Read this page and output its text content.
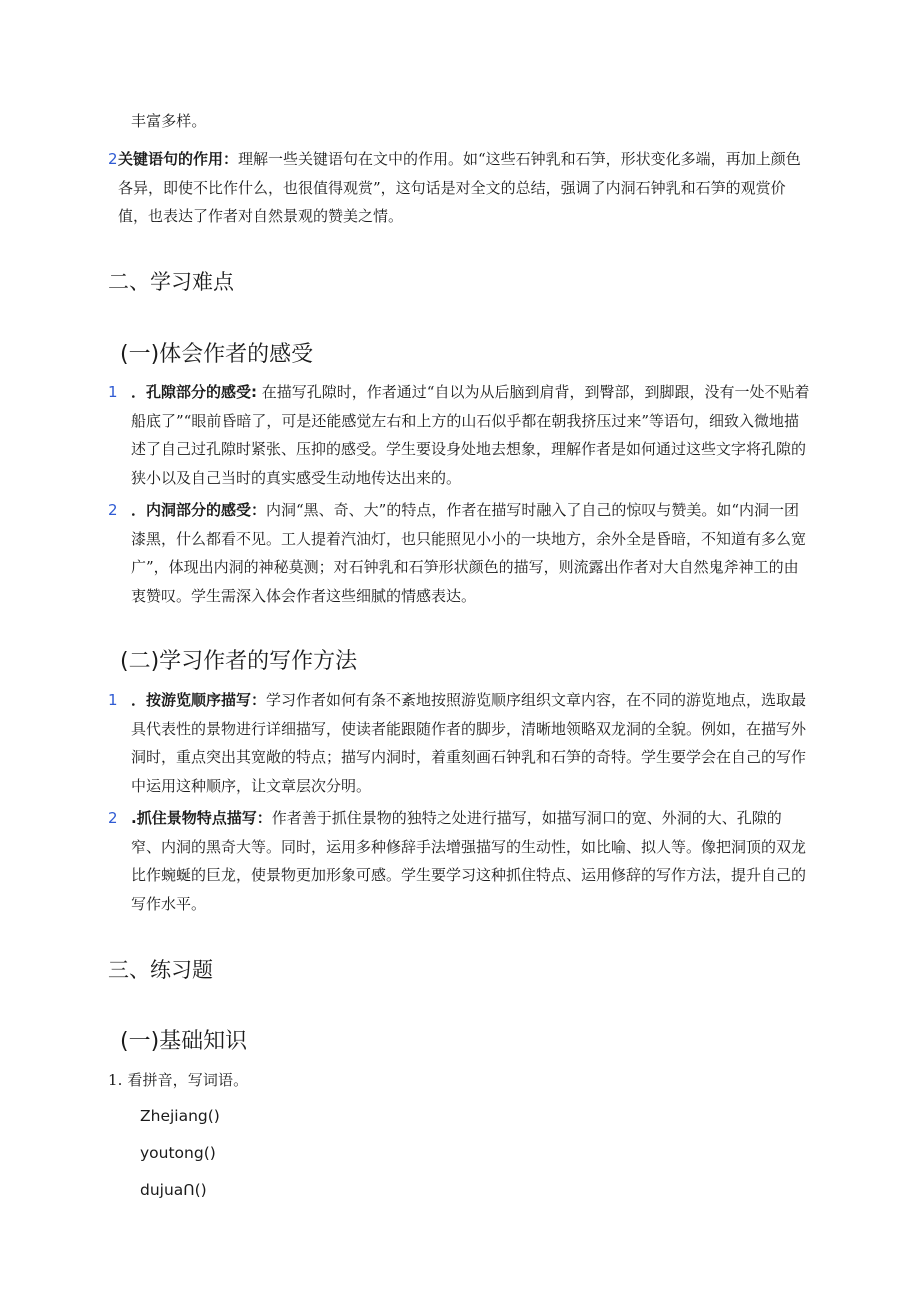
丰富多样。

2 关键语句的作用：理解一些关键语句在文中的作用。如“这些石钟乳和石笋，形状变化多端，再加上颜色各异，即使不比作什么，也很值得观赏”，这句话是对全文的总结，强调了内洞石钟乳和石笋的观赏价值，也表达了作者对自然景观的赞美之情。
二、学习难点
(一)体会作者的感受
1 ．孔隙部分的感受: 在描写孔隙时，作者通过“自以为从后脑到肩背，到臀部，到脚跟，没有一处不贴着船底了”“眼前昏暗了，可是还能感觉左右和上方的山石似乎都在朝我挤压过来”等语句，细致入微地描述了自己过孔隙时紧张、压抑的感受。学生要设身处地去想象，理解作者是如何通过这些文字将孔隙的狭小以及自己当时的真实感受生动地传达出来的。
2 ．内洞部分的感受：内洞“黑、奇、大”的特点，作者在描写时融入了自己的惊叹与赞美。如“内洞一团漆黑，什么都看不见。工人提着汽油灯，也只能照见小小的一块地方，余外全是昏暗，不知道有多么宽广”，体现出内洞的神秘莫测；对石钟乳和石笋形状颜色的描写，则流露出作者对大自然鬼斧神工的由衷赞叹。学生需深入体会作者这些细腻的情感表达。
(二)学习作者的写作方法
1 ．按游览顺序描写：学习作者如何有条不紊地按照游览顺序组织文章内容，在不同的游览地点，选取最具代表性的景物进行详细描写，使读者能跟随作者的脚步，清晰地领略双龙洞的全貌。例如，在描写外洞时，重点突出其宽敞的特点；描写内洞时，着重刻画石钟乳和石笋的奇特。学生要学会在自己的写作中运用这种顺序，让文章层次分明。
2 .抓住景物特点描写：作者善于抓住景物的独特之处进行描写，如描写洞口的宽、外洞的大、孔隙的窄、内洞的黑奇大等。同时，运用多种修辞手法增强描写的生动性，如比喻、拟人等。像把洞顶的双龙比作蜿蜒的巨龙，使景物更加形象可感。学生要学习这种抓住特点、运用修辞的写作方法，提升自己的写作水平。
三、练习题
(一)基础知识

1. 看拼音，写词语。

Zhejiang()
youtong()
dujuaՈ()
